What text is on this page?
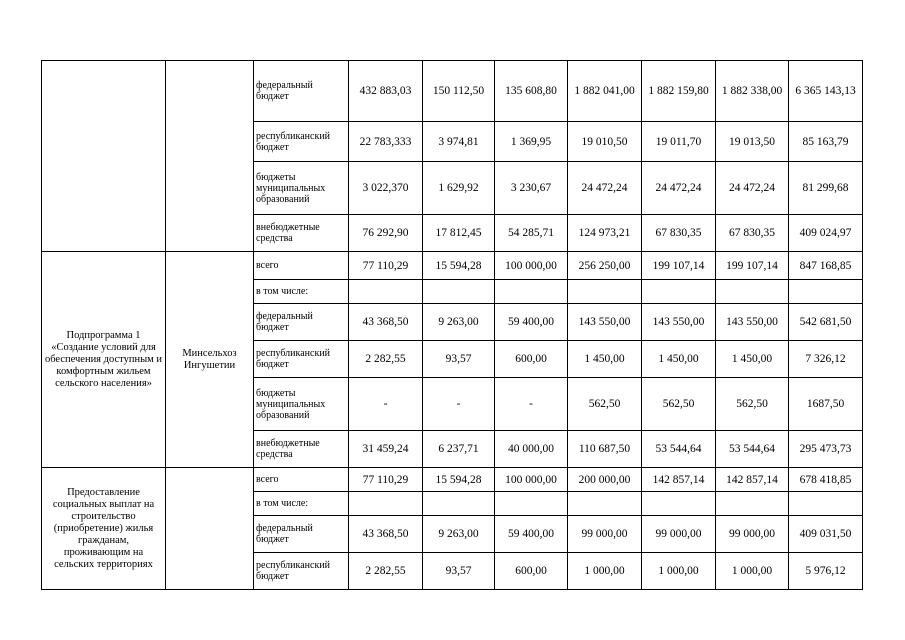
		федеральный бюджет	432 883,03	150 112,50	135 608,80	1 882 041,00	1 882 159,80	1 882 338,00	6 365 143,13
		республиканский бюджет	22 783,333	3 974,81	1 369,95	19 010,50	19 011,70	19 013,50	85 163,79
		бюджеты муниципальных образований	3 022,370	1 629,92	3 230,67	24 472,24	24 472,24	24 472,24	81 299,68
		внебюджетные средства	76 292,90	17 812,45	54 285,71	124 973,21	67 830,35	67 830,35	409 024,97
Подпрограмма 1 «Создание условий для обеспечения доступным и комфортным жильем сельского населения»	Минсельхоз Ингушетии	всего	77 110,29	15 594,28	100 000,00	256 250,00	199 107,14	199 107,14	847 168,85
		в том числе:							
		федеральный бюджет	43 368,50	9 263,00	59 400,00	143 550,00	143 550,00	143 550,00	542 681,50
		республиканский бюджет	2 282,55	93,57	600,00	1 450,00	1 450,00	1 450,00	7 326,12
		бюджеты муниципальных образований	-	-	-	562,50	562,50	562,50	1687,50
		внебюджетные средства	31 459,24	6 237,71	40 000,00	110 687,50	53 544,64	53 544,64	295 473,73
Предоставление социальных выплат на строительство (приобретение) жилья гражданам, проживающим на сельских территориях		всего	77 110,29	15 594,28	100 000,00	200 000,00	142 857,14	142 857,14	678 418,85
		в том числе:							
		федеральный бюджет	43 368,50	9 263,00	59 400,00	99 000,00	99 000,00	99 000,00	409 031,50
		республиканский бюджет	2 282,55	93,57	600,00	1 000,00	1 000,00	1 000,00	5 976,12
